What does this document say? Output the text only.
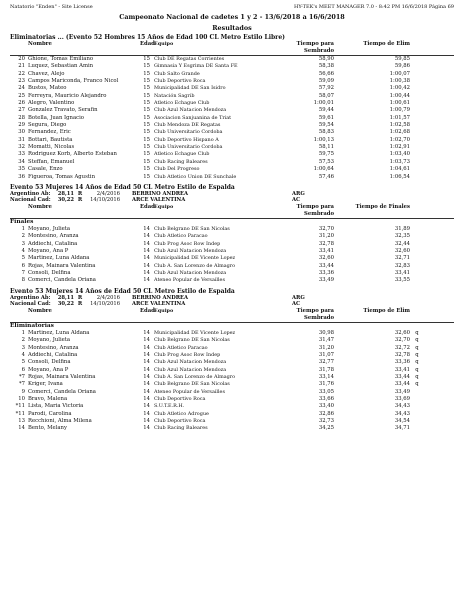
Natatorio "Enden" - Site License	HY-TEK's MEET MANAGER 7.0 - 8:42 PM 16/6/2018 Página 69
Campeonato Nacional de cadetes 1 y 2 - 13/6/2018 a 16/6/2018
Resultados
Eliminatorias ... (Evento 52 Hombres 15 Años de Edad 100 CL Metro Estilo Libre)
Nombre	Edad Equipo	Tiempo para Sembrado
Tiempo de Elim
20 Ghione, Tomas Emiliano	15 Club DE Regatas Corrientes	58,90	59,85
21 Luquez, Sebastian Amin	15 Gimnasia Y Esgrima DE Santa FE	58,38	59,86
22 Chavez, Alejo	15 Club Salto Grande	56,66	1:00,07
23 Campos Mariconda, Franco Nicol	15 Club Deportivo Roca	59,09	1:00,38
24 Bustos, Mateo	15 Municipalidad DE San Isidro	57,92	1:00,42
25 Ferreyra, Mauricio Alejandro	15 Natación Sagrib	58,07	1:00,44
26 Alegro, Valentino	15 Atletico Echague Club	1:00,01	1:00,61
27 Gonzalez Travato, Serafin	15 Club Azul Natacion Mendoza	59,44	1:00,79
28 Botella, Juan Ignacio	15 Asociacion Sanjuanina de Triat	59,61	1:01,57
29 Segura, Diego	15 Club Mendoza DE Regatas	59,54	1:02,58
30 Fernandez, Eric	15 Club Universitario Cordoba	58,83	1:02,68
31 Bottari, Bautista	15 Club Deportivo Hispano A	1:00,13	1:02,70
32 Momatti, Nicolas	15 Club Universitario Cordoba	58,11	1:02,91
33 Rodriguez Korb, Alberto Esteban	15 Atletico Echague Club	59,75	1:03,40
34 Steffan, Emanuel	15 Club Racing Baleares	57,53	1:03,73
35 Casale, Enzo	15 Club Del Progreso	1:00,64	1:04,61
36 Figueroa, Tomas Agustin	15 Club Atletico Union DE Sunchale	57,46	1:06,54
Evento 53 Mujeres 14 Años de Edad 50 CL Metro Estilo de Espalda
Argentino Ab:	28,11 R	2/4/2016	BERRINO ANDREA	ARG
Nacional Cad:	30,22 R	14/10/2016	ARCE VALENTINA	AC
Nombre	Edad Equipo	Tiempo para Sembrado
Tiempo de Finales
Finales
1 Moyano, Julieta	14 Club Belgrano DE San Nicolas	32,70	31,89
2 Montesino, Aranza	14 Club Atletico Paracao	31,20	32,35
3 Addiechi, Catalina	14 Club Prog Asoc Row Indep	32,78	32,44
4 Moyano, Ana P	14 Club Azul Natacion Mendoza	33,41	32,60
5 Martinez, Luna Aldana	14 Municipalidad DE Vicente Lopez	32,60	32,71
6 Rojas, Mainara Valentina	14 Club A. San Lorenzo de Almagro	33,44	32,83
7 Consoli, Delfina	14 Club Azul Natacion Mendoza	33,36	33,41
8 Comerci, Candela Oriana	14 Ateneo Popular de Versailles	33,49	33,55
Evento 53 Mujeres 14 Años de Edad 50 CL Metro Estilo de Espalda
Argentino Ab:	28,11 R	2/4/2016	BERRINO ANDREA	ARG
Nacional Cad:	30,22 R	14/10/2016	ARCE VALENTINA	AC
Nombre	Edad Equipo	Tiempo para Sembrado
Tiempo de Elim
Eliminatorias
1 Martinez, Luna Aldana	14 Municipalidad DE Vicente Lopez	30,98	32,60 q
2 Moyano, Julieta	14 Club Belgrano DE San Nicolas	31,47	32,70 q
3 Montesino, Aranza	14 Club Atletico Paracao	31,20	32,72 q
4 Addiechi, Catalina	14 Club Prog Asoc Row Indep	31,07	32,78 q
5 Consoli, Delfina	14 Club Azul Natacion Mendoza	32,77	33,36 q
6 Moyano, Ana P	14 Club Azul Natacion Mendoza	31,78	33,41 q
*7 Rojas, Mainara Valentina	14 Club A. San Lorenzo de Almagro	33,14	33,44 q
*7 Kriger, Ivana	14 Club Belgrano DE San Nicolas	31,76	33,44 q
9 Comerci, Candela Oriana	14 Ateneo Popular de Versailles	33,05	33,49
10 Bravo, Malena	14 Club Deportivo Roca	33,66	33,69
*11 Lista, Maria Victoria	14 S.U.T.E.R.H.	33,40	34,43
*11 Parodi, Carolina	14 Club Atletico Adrogue	32,86	34,43
13 Recchioni, Alma Milena	14 Club Deportivo Roca	32,73	34,54
14 Bento, Melany	14 Club Racing Baleares	34,25	34,71
